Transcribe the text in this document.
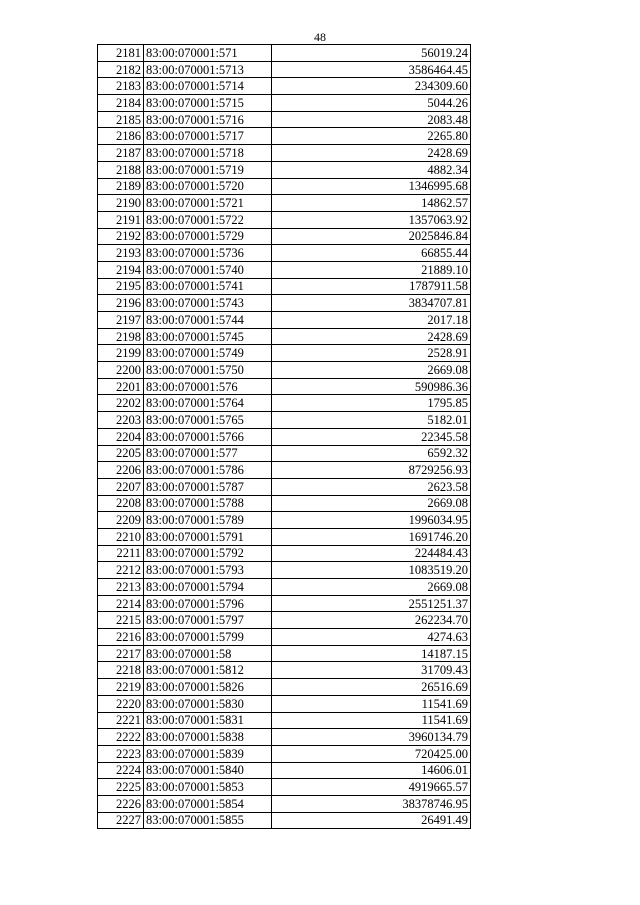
48
2181	83:00:070001:571	56019.24
2182	83:00:070001:5713	3586464.45
2183	83:00:070001:5714	234309.60
2184	83:00:070001:5715	5044.26
2185	83:00:070001:5716	2083.48
2186	83:00:070001:5717	2265.80
2187	83:00:070001:5718	2428.69
2188	83:00:070001:5719	4882.34
2189	83:00:070001:5720	1346995.68
2190	83:00:070001:5721	14862.57
2191	83:00:070001:5722	1357063.92
2192	83:00:070001:5729	2025846.84
2193	83:00:070001:5736	66855.44
2194	83:00:070001:5740	21889.10
2195	83:00:070001:5741	1787911.58
2196	83:00:070001:5743	3834707.81
2197	83:00:070001:5744	2017.18
2198	83:00:070001:5745	2428.69
2199	83:00:070001:5749	2528.91
2200	83:00:070001:5750	2669.08
2201	83:00:070001:576	590986.36
2202	83:00:070001:5764	1795.85
2203	83:00:070001:5765	5182.01
2204	83:00:070001:5766	22345.58
2205	83:00:070001:577	6592.32
2206	83:00:070001:5786	8729256.93
2207	83:00:070001:5787	2623.58
2208	83:00:070001:5788	2669.08
2209	83:00:070001:5789	1996034.95
2210	83:00:070001:5791	1691746.20
2211	83:00:070001:5792	224484.43
2212	83:00:070001:5793	1083519.20
2213	83:00:070001:5794	2669.08
2214	83:00:070001:5796	2551251.37
2215	83:00:070001:5797	262234.70
2216	83:00:070001:5799	4274.63
2217	83:00:070001:58	14187.15
2218	83:00:070001:5812	31709.43
2219	83:00:070001:5826	26516.69
2220	83:00:070001:5830	11541.69
2221	83:00:070001:5831	11541.69
2222	83:00:070001:5838	3960134.79
2223	83:00:070001:5839	720425.00
2224	83:00:070001:5840	14606.01
2225	83:00:070001:5853	4919665.57
2226	83:00:070001:5854	38378746.95
2227	83:00:070001:5855	26491.49
